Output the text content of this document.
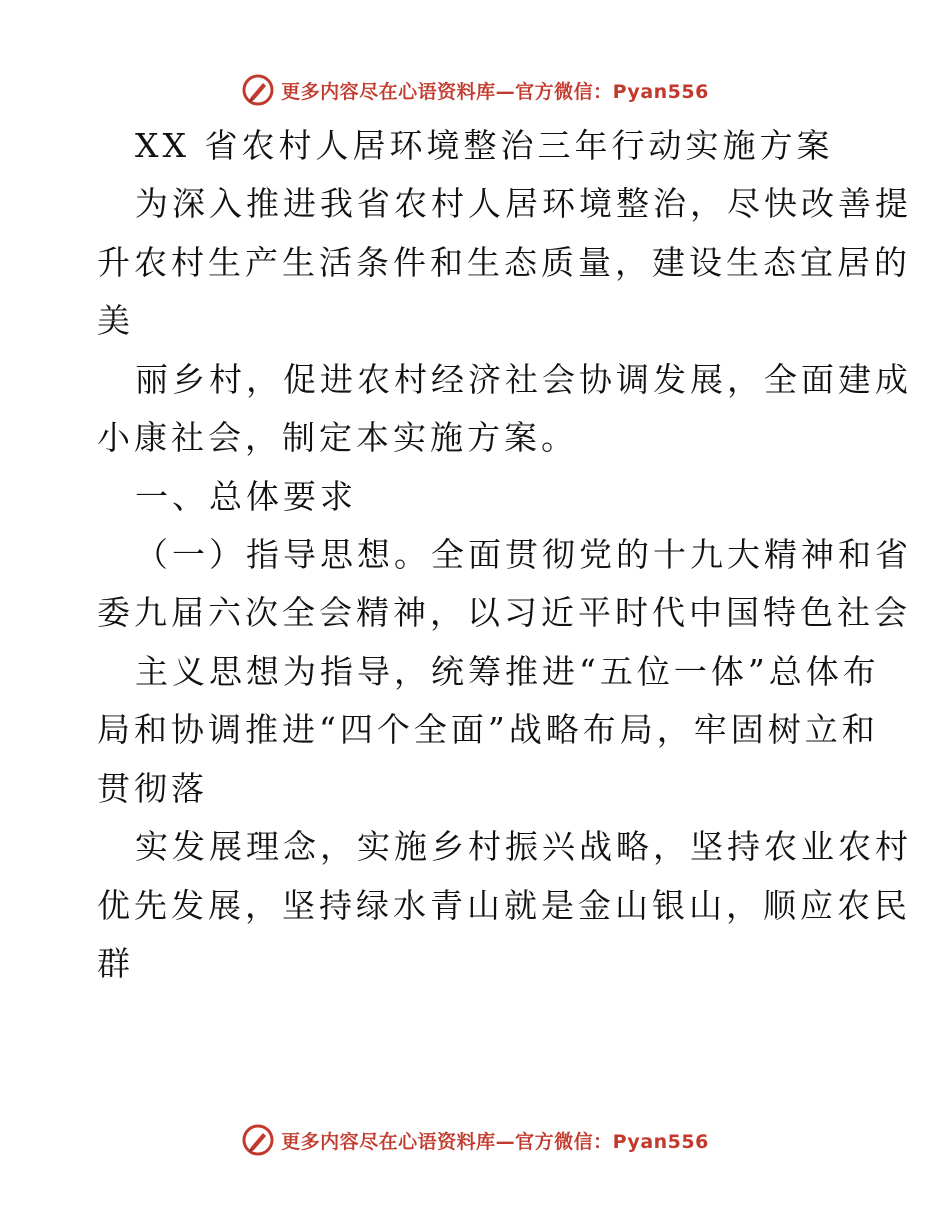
更多内容尽在心语资料库—官方微信：Pyan556
XX 省农村人居环境整治三年行动实施方案
为深入推进我省农村人居环境整治，尽快改善提
升农村生产生活条件和生态质量，建设生态宜居的
美
丽乡村，促进农村经济社会协调发展，全面建成
小康社会，制定本实施方案。
一、总体要求
（一）指导思想。全面贯彻党的十九大精神和省
委九届六次全会精神，以习近平时代中国特色社会
主义思想为指导，统筹推进“五位一体”总体布
局和协调推进“四个全面”战略布局，牢固树立和
贯彻落
实发展理念，实施乡村振兴战略，坚持农业农村
优先发展，坚持绿水青山就是金山银山，顺应农民
群
更多内容尽在心语资料库—官方微信：Pyan556
